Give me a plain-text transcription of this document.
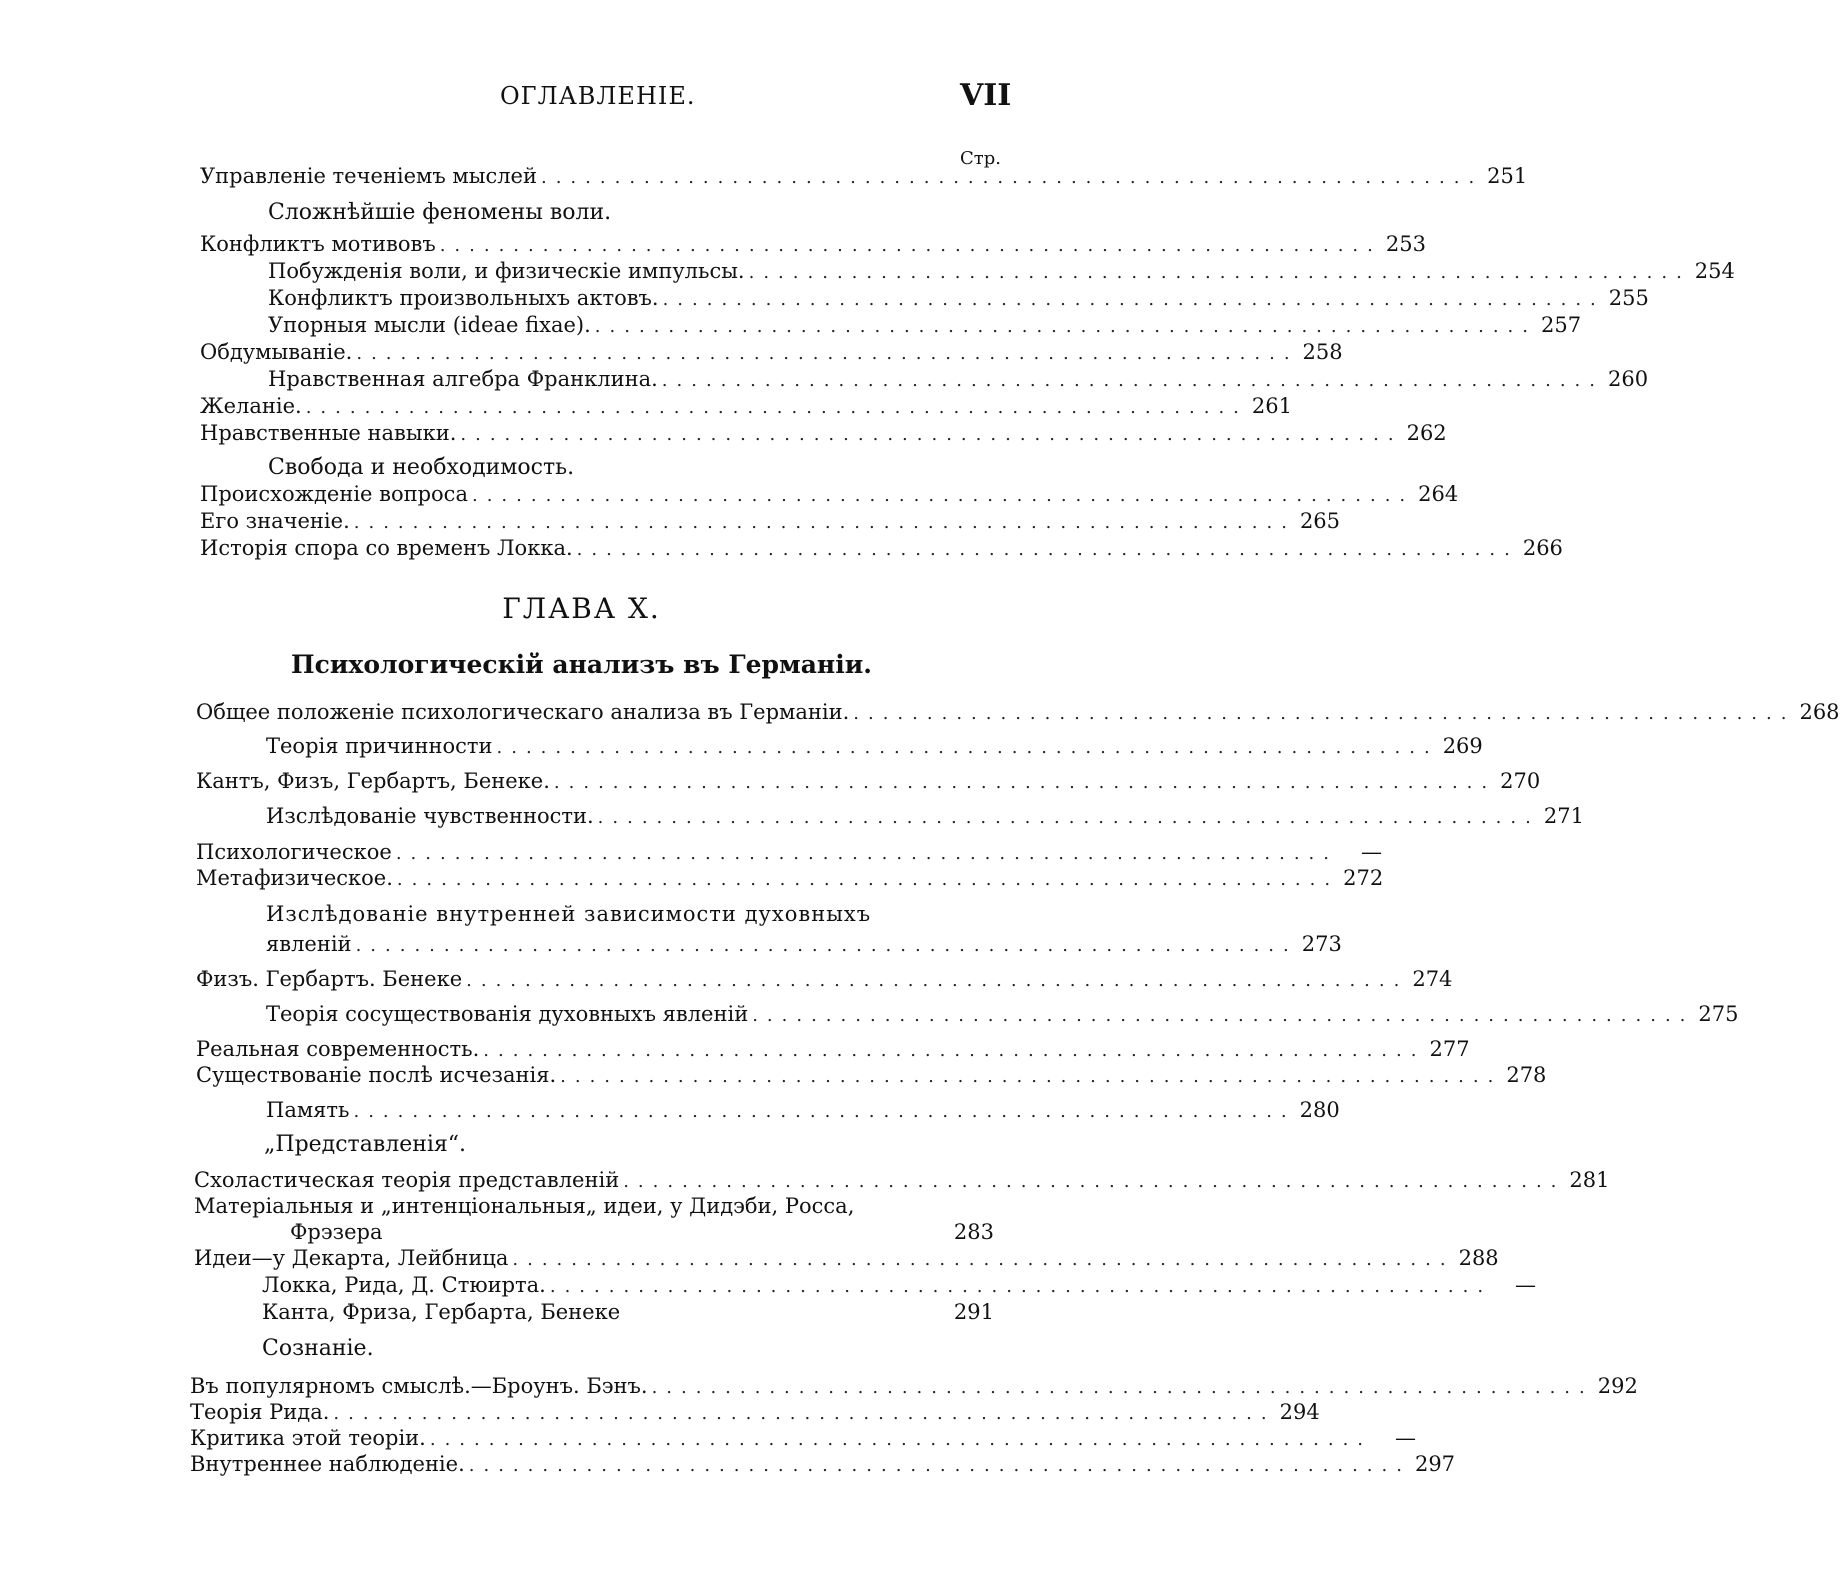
ОГЛАВЛЕНІЕ.	VII
Стр.
Управленіе теченіемъ мыслей ................................................................ 251
Сложнѣйшіе феномены воли.
Конфликтъ мотивовъ ................................................................ 253
Побужденія воли, и физическіе импульсы. ................................................................ 254
Конфликтъ произвольныхъ актовъ. ................................................................ 255
Упорныя мысли (ideae fixae). ................................................................ 257
Обдумываніе. ................................................................ 258
Нравственная алгебра Франклина. ................................................................ 260
Желаніе. ................................................................ 261
Нравственные навыки. ................................................................ 262
Свобода и необходимость.
Происхожденіе вопроса ................................................................ 264
Его значеніе. ................................................................ 265
Исторія спора со временъ Локка. ................................................................ 266
ГЛАВА X.
Психологическій анализъ въ Германіи.
Общее положеніе психологическаго анализа въ Германіи. ................................................................ 268
Теорія причинности ................................................................ 269
Кантъ, Физъ, Гербартъ, Бенеке. ................................................................ 270
Изслѣдованіе чувственности. ................................................................ 271
Психологическое ................................................................	—
Метафизическое. ................................................................ 272
Изслѣдованіе внутренней зависимости духовныхъ
явленій ................................................................ 273
Физъ. Гербартъ. Бенеке ................................................................ 274
Теорія сосуществованія духовныхъ явленій ................................................................ 275
Реальная современность. ................................................................ 277
Существованіе послѣ исчезанія. ................................................................ 278
Память ................................................................ 280
„Представленія“.
Схоластическая теорія представленій ................................................................ 281
Матеріальныя и „интенціональныя„ идеи, у Дидэби, Росса,
Фрэзера	283
Идеи—у Декарта, Лейбница ................................................................ 288
Локка, Рида, Д. Стюирта. ................................................................	—
Канта, Фриза, Гербарта, Бенеке	291
Сознаніе.
Въ популярномъ смыслѣ.—Броунъ. Бэнъ. ................................................................ 292
Теорія Рида. ................................................................ 294
Критика этой теоріи. ................................................................	—
Внутреннее наблюденіе. ................................................................ 297
